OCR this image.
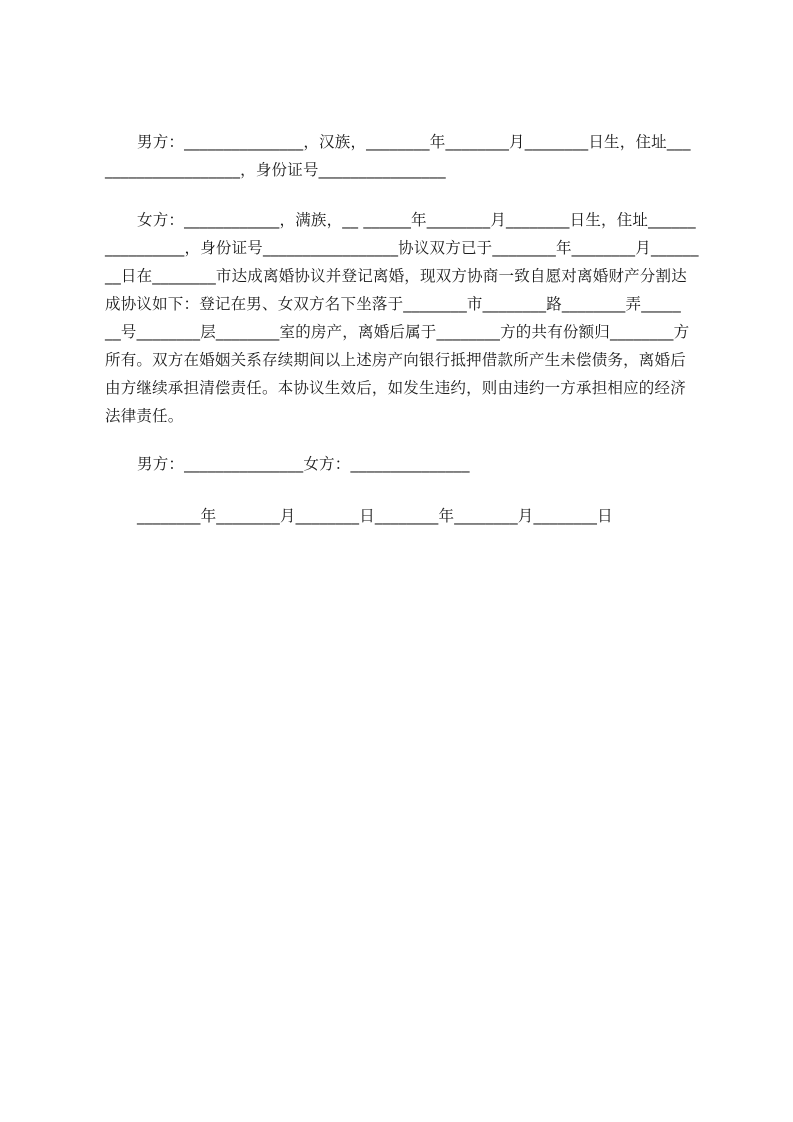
男方：_______________，汉族，________年________月________日生，住址___
_________________，身份证号________________
女方：____________，满族，__ ______年________月________日生，住址______
__________，身份证号_________________协议双方已于________年________月______
__日在________市达成离婚协议并登记离婚，现双方协商一致自愿对离婚财产分割达
成协议如下：登记在男、女双方名下坐落于________市________路________弄_____
__号________层________室的房产，离婚后属于________方的共有份额归________方
所有。双方在婚姻关系存续期间以上述房产向银行抵押借款所产生未偿债务，离婚后
由方继续承担清偿责任。本协议生效后，如发生违约，则由违约一方承担相应的经济
法律责任。
男方：_______________女方：_______________
________年________月________日________年________月________日
